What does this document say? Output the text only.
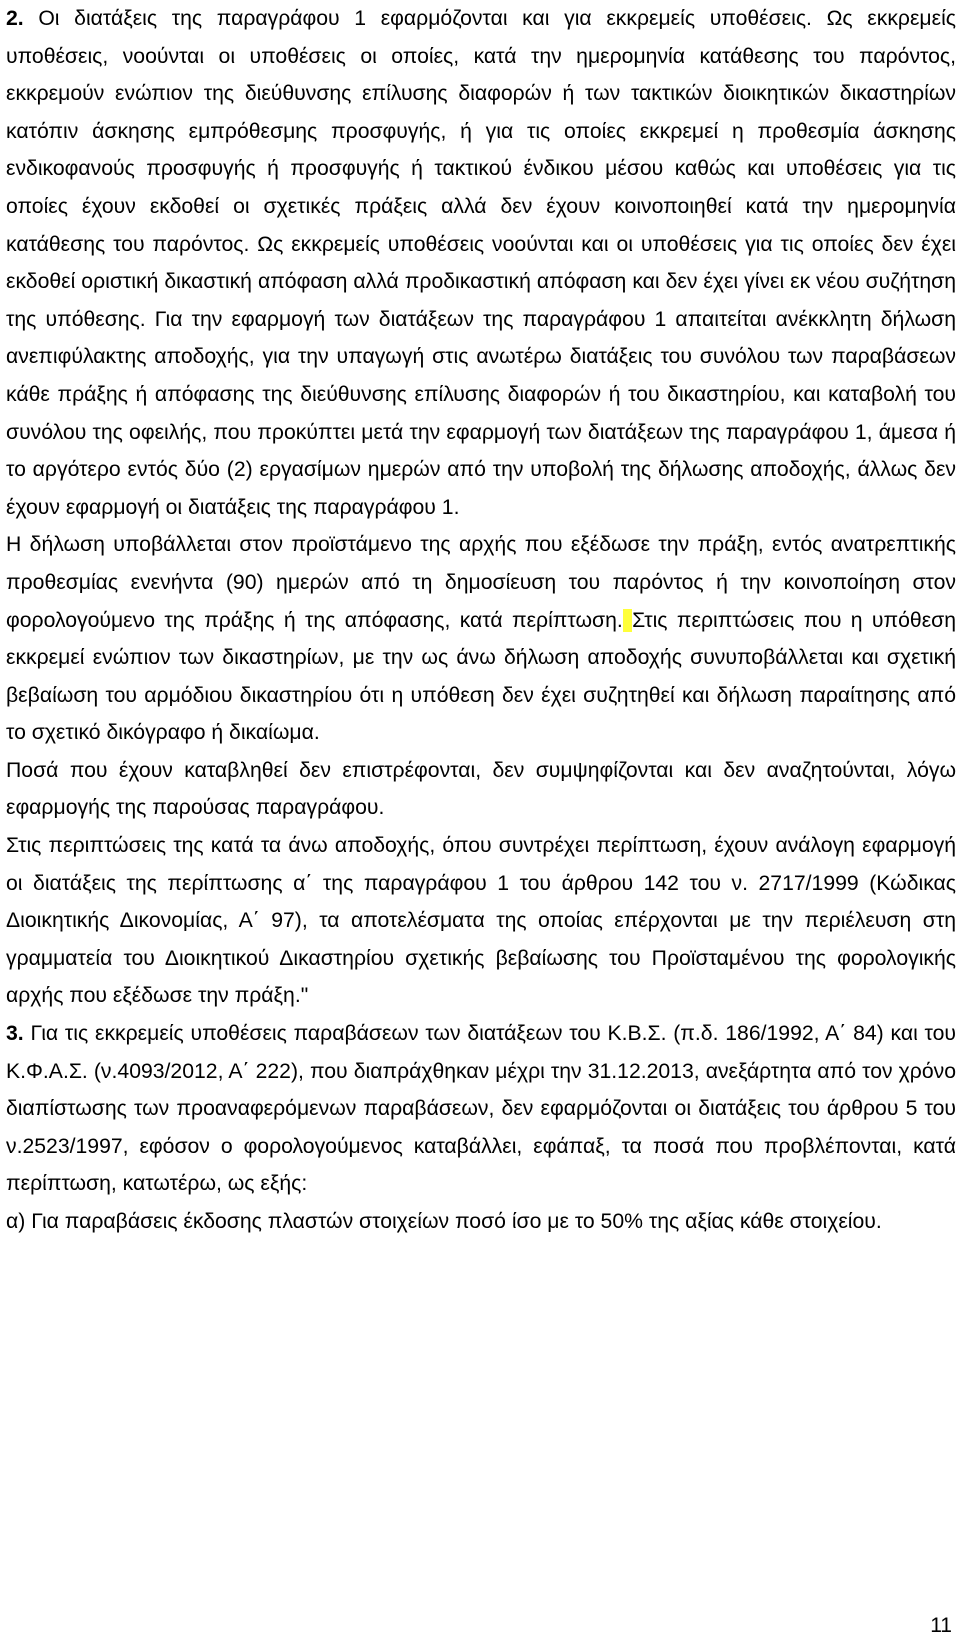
2. Οι διατάξεις της παραγράφου 1 εφαρμόζονται και για εκκρεμείς υποθέσεις. Ως εκκρεμείς υποθέσεις, νοούνται οι υποθέσεις οι οποίες, κατά την ημερομηνία κατάθεσης του παρόντος, εκκρεμούν ενώπιον της διεύθυνσης επίλυσης διαφορών ή των τακτικών διοικητικών δικαστηρίων κατόπιν άσκησης εμπρόθεσμης προσφυγής, ή για τις οποίες εκκρεμεί η προθεσμία άσκησης ενδικοφανούς προσφυγής ή προσφυγής ή τακτικού ένδικου μέσου καθώς και υποθέσεις για τις οποίες έχουν εκδοθεί οι σχετικές πράξεις αλλά δεν έχουν κοινοποιηθεί κατά την ημερομηνία κατάθεσης του παρόντος. Ως εκκρεμείς υποθέσεις νοούνται και οι υποθέσεις για τις οποίες δεν έχει εκδοθεί οριστική δικαστική απόφαση αλλά προδικαστική απόφαση και δεν έχει γίνει εκ νέου συζήτηση της υπόθεσης. Για την εφαρμογή των διατάξεων της παραγράφου 1 απαιτείται ανέκκλητη δήλωση ανεπιφύλακτης αποδοχής, για την υπαγωγή στις ανωτέρω διατάξεις του συνόλου των παραβάσεων κάθε πράξης ή απόφασης της διεύθυνσης επίλυσης διαφορών ή του δικαστηρίου, και καταβολή του συνόλου της οφειλής, που προκύπτει μετά την εφαρμογή των διατάξεων της παραγράφου 1, άμεσα ή το αργότερο εντός δύο (2) εργασίμων ημερών από την υποβολή της δήλωσης αποδοχής, άλλως δεν έχουν εφαρμογή οι διατάξεις της παραγράφου 1.

Η δήλωση υποβάλλεται στον προϊστάμενο της αρχής που εξέδωσε την πράξη, εντός ανατρεπτικής προθεσμίας ενενήντα (90) ημερών από τη δημοσίευση του παρόντος ή την κοινοποίηση στον φορολογούμενο της πράξης ή της απόφασης, κατά περίπτωση. Στις περιπτώσεις που η υπόθεση εκκρεμεί ενώπιον των δικαστηρίων, με την ως άνω δήλωση αποδοχής συνυποβάλλεται και σχετική βεβαίωση του αρμόδιου δικαστηρίου ότι η υπόθεση δεν έχει συζητηθεί και δήλωση παραίτησης από το σχετικό δικόγραφο ή δικαίωμα.

Ποσά που έχουν καταβληθεί δεν επιστρέφονται, δεν συμψηφίζονται και δεν αναζητούνται, λόγω εφαρμογής της παρούσας παραγράφου.

Στις περιπτώσεις της κατά τα άνω αποδοχής, όπου συντρέχει περίπτωση, έχουν ανάλογη εφαρμογή οι διατάξεις της περίπτωσης α΄ της παραγράφου 1 του άρθρου 142 του ν. 2717/1999 (Κώδικας Διοικητικής Δικονομίας, Α΄ 97), τα αποτελέσματα της οποίας επέρχονται με την περιέλευση στη γραμματεία του Διοικητικού Δικαστηρίου σχετικής βεβαίωσης του Προϊσταμένου της φορολογικής αρχής που εξέδωσε την πράξη."

3. Για τις εκκρεμείς υποθέσεις παραβάσεων των διατάξεων του Κ.Β.Σ. (π.δ. 186/1992, Α΄ 84) και του Κ.Φ.Α.Σ. (ν.4093/2012, Α΄ 222), που διαπράχθηκαν μέχρι την 31.12.2013, ανεξάρτητα από τον χρόνο διαπίστωσης των προαναφερόμενων παραβάσεων, δεν εφαρμόζονται οι διατάξεις του άρθρου 5 του ν.2523/1997, εφόσον ο φορολογούμενος καταβάλλει, εφάπαξ, τα ποσά που προβλέπονται, κατά περίπτωση, κατωτέρω, ως εξής:

α) Για παραβάσεις έκδοσης πλαστών στοιχείων ποσό ίσο με το 50% της αξίας κάθε στοιχείου.

11
